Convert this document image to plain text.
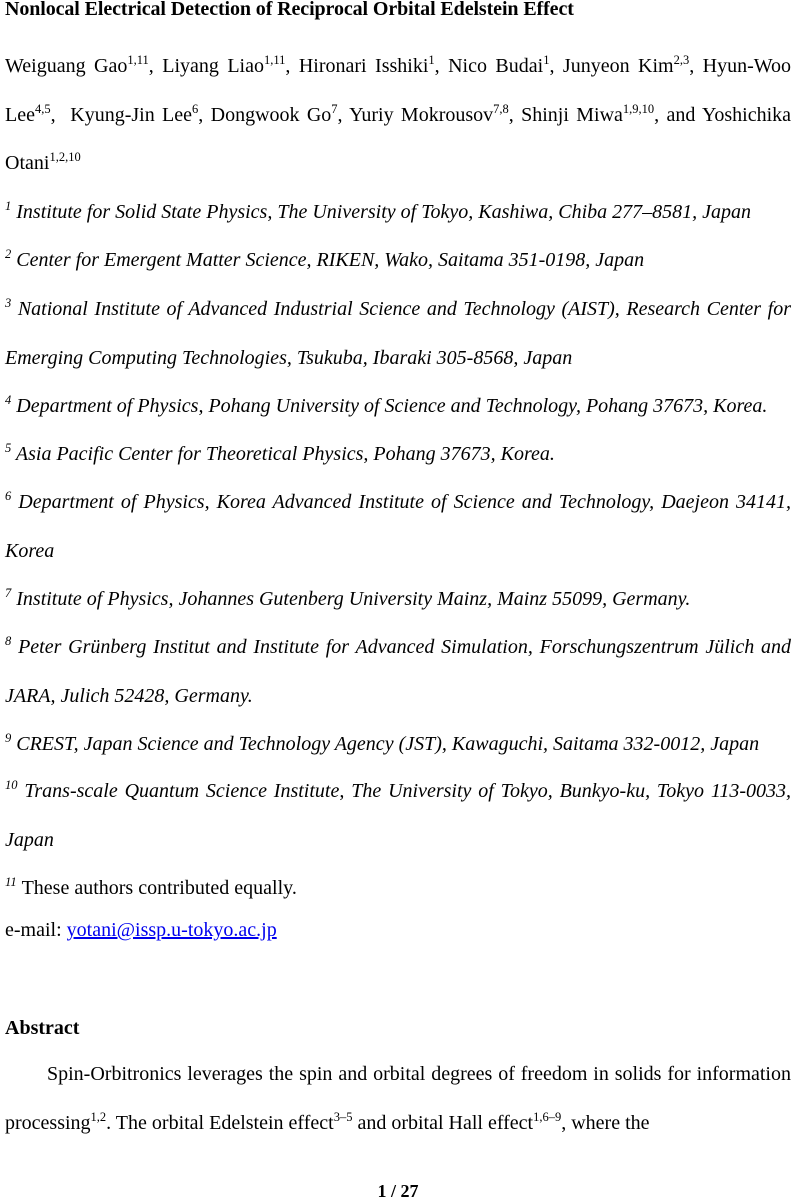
Nonlocal Electrical Detection of Reciprocal Orbital Edelstein Effect
Weiguang Gao$^{1,11}$, Liyang Liao$^{1,11}$, Hironari Isshiki$^1$, Nico Budai$^1$, Junyeon Kim$^{2,3}$, Hyun-Woo Lee$^{4,5}$,  Kyung-Jin Lee$^6$, Dongwook Go$^7$, Yuriy Mokrousov$^{7,8}$, Shinji Miwa$^{1,9,10}$, and Yoshichika Otani$^{1,2,10}$
$^1$ Institute for Solid State Physics, The University of Tokyo, Kashiwa, Chiba 277–8581, Japan
$^2$ Center for Emergent Matter Science, RIKEN, Wako, Saitama 351-0198, Japan
$^3$ National Institute of Advanced Industrial Science and Technology (AIST), Research Center for Emerging Computing Technologies, Tsukuba, Ibaraki 305-8568, Japan
$^4$ Department of Physics, Pohang University of Science and Technology, Pohang 37673, Korea.
$^5$ Asia Pacific Center for Theoretical Physics, Pohang 37673, Korea.
$^6$ Department of Physics, Korea Advanced Institute of Science and Technology, Daejeon 34141, Korea
$^7$ Institute of Physics, Johannes Gutenberg University Mainz, Mainz 55099, Germany.
$^8$ Peter Grünberg Institut and Institute for Advanced Simulation, Forschungszentrum Jülich and JARA, Julich 52428, Germany.
$^9$ CREST, Japan Science and Technology Agency (JST), Kawaguchi, Saitama 332-0012, Japan
$^{10}$ Trans-scale Quantum Science Institute, The University of Tokyo, Bunkyo-ku, Tokyo 113-0033, Japan
$^{11}$ These authors contributed equally.
e-mail: yotani@issp.u-tokyo.ac.jp
Abstract
Spin-Orbitronics leverages the spin and orbital degrees of freedom in solids for information processing$^{1,2}$. The orbital Edelstein effect$^{3-5}$ and orbital Hall effect$^{1,6-9}$, where the
1 / 27
